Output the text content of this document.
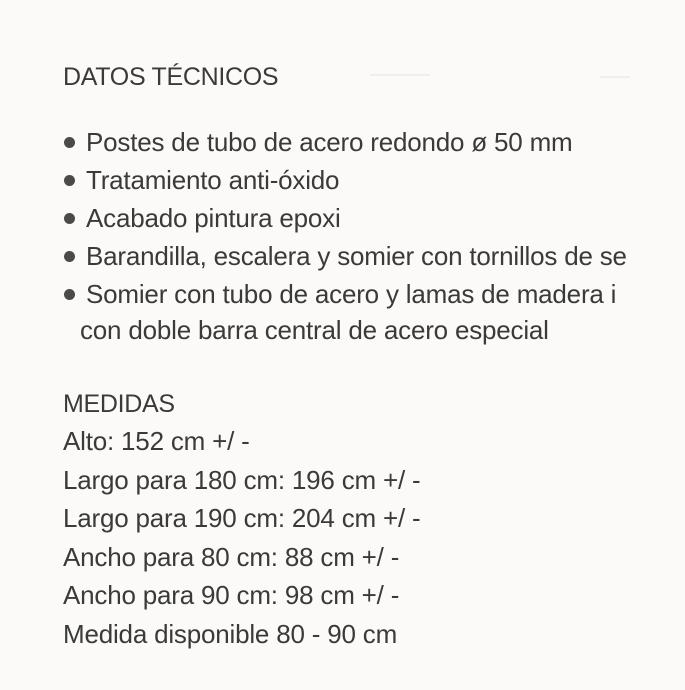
DATOS TÉCNICOS
Postes de tubo de acero redondo ø 50 mm
Tratamiento anti-óxido
Acabado pintura epoxi
Barandilla, escalera y somier con tornillos de se
Somier con tubo de acero y lamas de madera i
con doble barra central de acero especial
MEDIDAS
Alto: 152 cm +/ -
Largo para 180 cm: 196 cm +/ -
Largo para 190 cm: 204 cm +/ -
Ancho para 80 cm: 88 cm +/ -
Ancho para 90 cm: 98 cm +/ -
Medida disponible 80 - 90 cm
